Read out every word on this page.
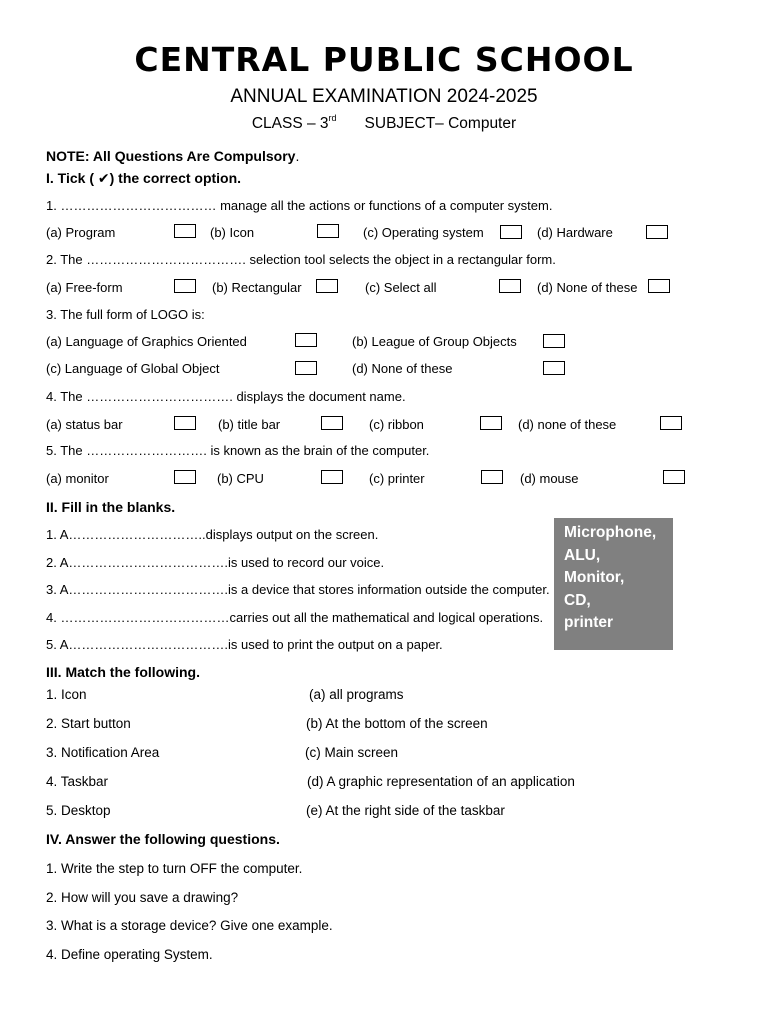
CENTRAL PUBLIC SCHOOL
ANNUAL EXAMINATION 2024-2025
CLASS – 3rd SUBJECT– Computer
NOTE: All Questions Are Compulsory.
I. Tick ( ✔) the correct option.
1. ……………………………… manage all the actions or functions of a computer system.
(a) Program	(b) Icon	(c) Operating system	(d) Hardware
2. The ………………………………. selection tool selects the object in a rectangular form.
(a) Free-form	(b) Rectangular	(c) Select all	(d) None of these
3. The full form of LOGO is:
(a) Language of Graphics Oriented	(b) League of Group Objects
(c) Language of Global Object	(d) None of these
4. The ……………………………. displays the document name.
(a) status bar	(b) title bar	(c) ribbon	(d) none of these
5. The ………………………. is known as the brain of the computer.
(a) monitor	(b) CPU	(c) printer	(d) mouse
II. Fill in the blanks.
1. A…………………………..displays output on the screen.
2. A……………………………….is used to record our voice.
3. A……………………………….is a device that stores information outside the computer.
4. …………………………………carries out all the mathematical and logical operations.
5. A……………………………….is used to print the output on a paper.
Microphone,
ALU,
Monitor,
CD,
printer
III. Match the following.
1. Icon	(a) all programs
2. Start button	(b) At the bottom of the screen
3. Notification Area	(c) Main screen
4. Taskbar	(d) A graphic representation of an application
5. Desktop	(e) At the right side of the taskbar
IV. Answer the following questions.
1. Write the step to turn OFF the computer.
2. How will you save a drawing?
3. What is a storage device? Give one example.
4. Define operating System.
